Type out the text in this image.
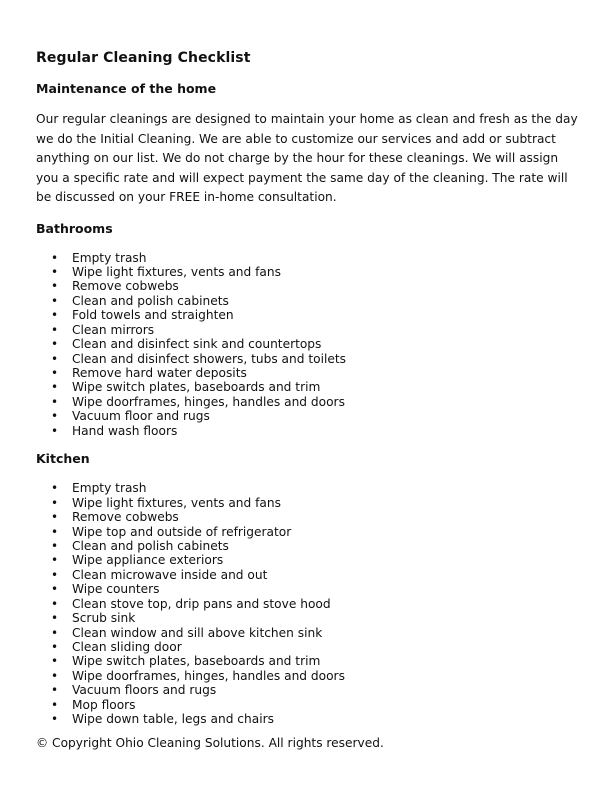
Regular Cleaning Checklist
Maintenance of the home

Our regular cleanings are designed to maintain your home as clean and fresh as the day we do the Initial Cleaning. We are able to customize our services and add or subtract anything on our list. We do not charge by the hour for these cleanings. We will assign you a specific rate and will expect payment the same day of the cleaning. The rate will be discussed on your FREE in-home consultation.

Bathrooms
• Empty trash
• Wipe light fixtures, vents and fans
• Remove cobwebs
• Clean and polish cabinets
• Fold towels and straighten
• Clean mirrors
• Clean and disinfect sink and countertops
• Clean and disinfect showers, tubs and toilets
• Remove hard water deposits
• Wipe switch plates, baseboards and trim
• Wipe doorframes, hinges, handles and doors
• Vacuum floor and rugs
• Hand wash floors
Kitchen
• Empty trash
• Wipe light fixtures, vents and fans
• Remove cobwebs
• Wipe top and outside of refrigerator
• Clean and polish cabinets
• Wipe appliance exteriors
• Clean microwave inside and out
• Wipe counters
• Clean stove top, drip pans and stove hood
• Scrub sink
• Clean window and sill above kitchen sink
• Clean sliding door
• Wipe switch plates, baseboards and trim
• Wipe doorframes, hinges, handles and doors
• Vacuum floors and rugs
• Mop floors
• Wipe down table, legs and chairs

© Copyright Ohio Cleaning Solutions. All rights reserved.
